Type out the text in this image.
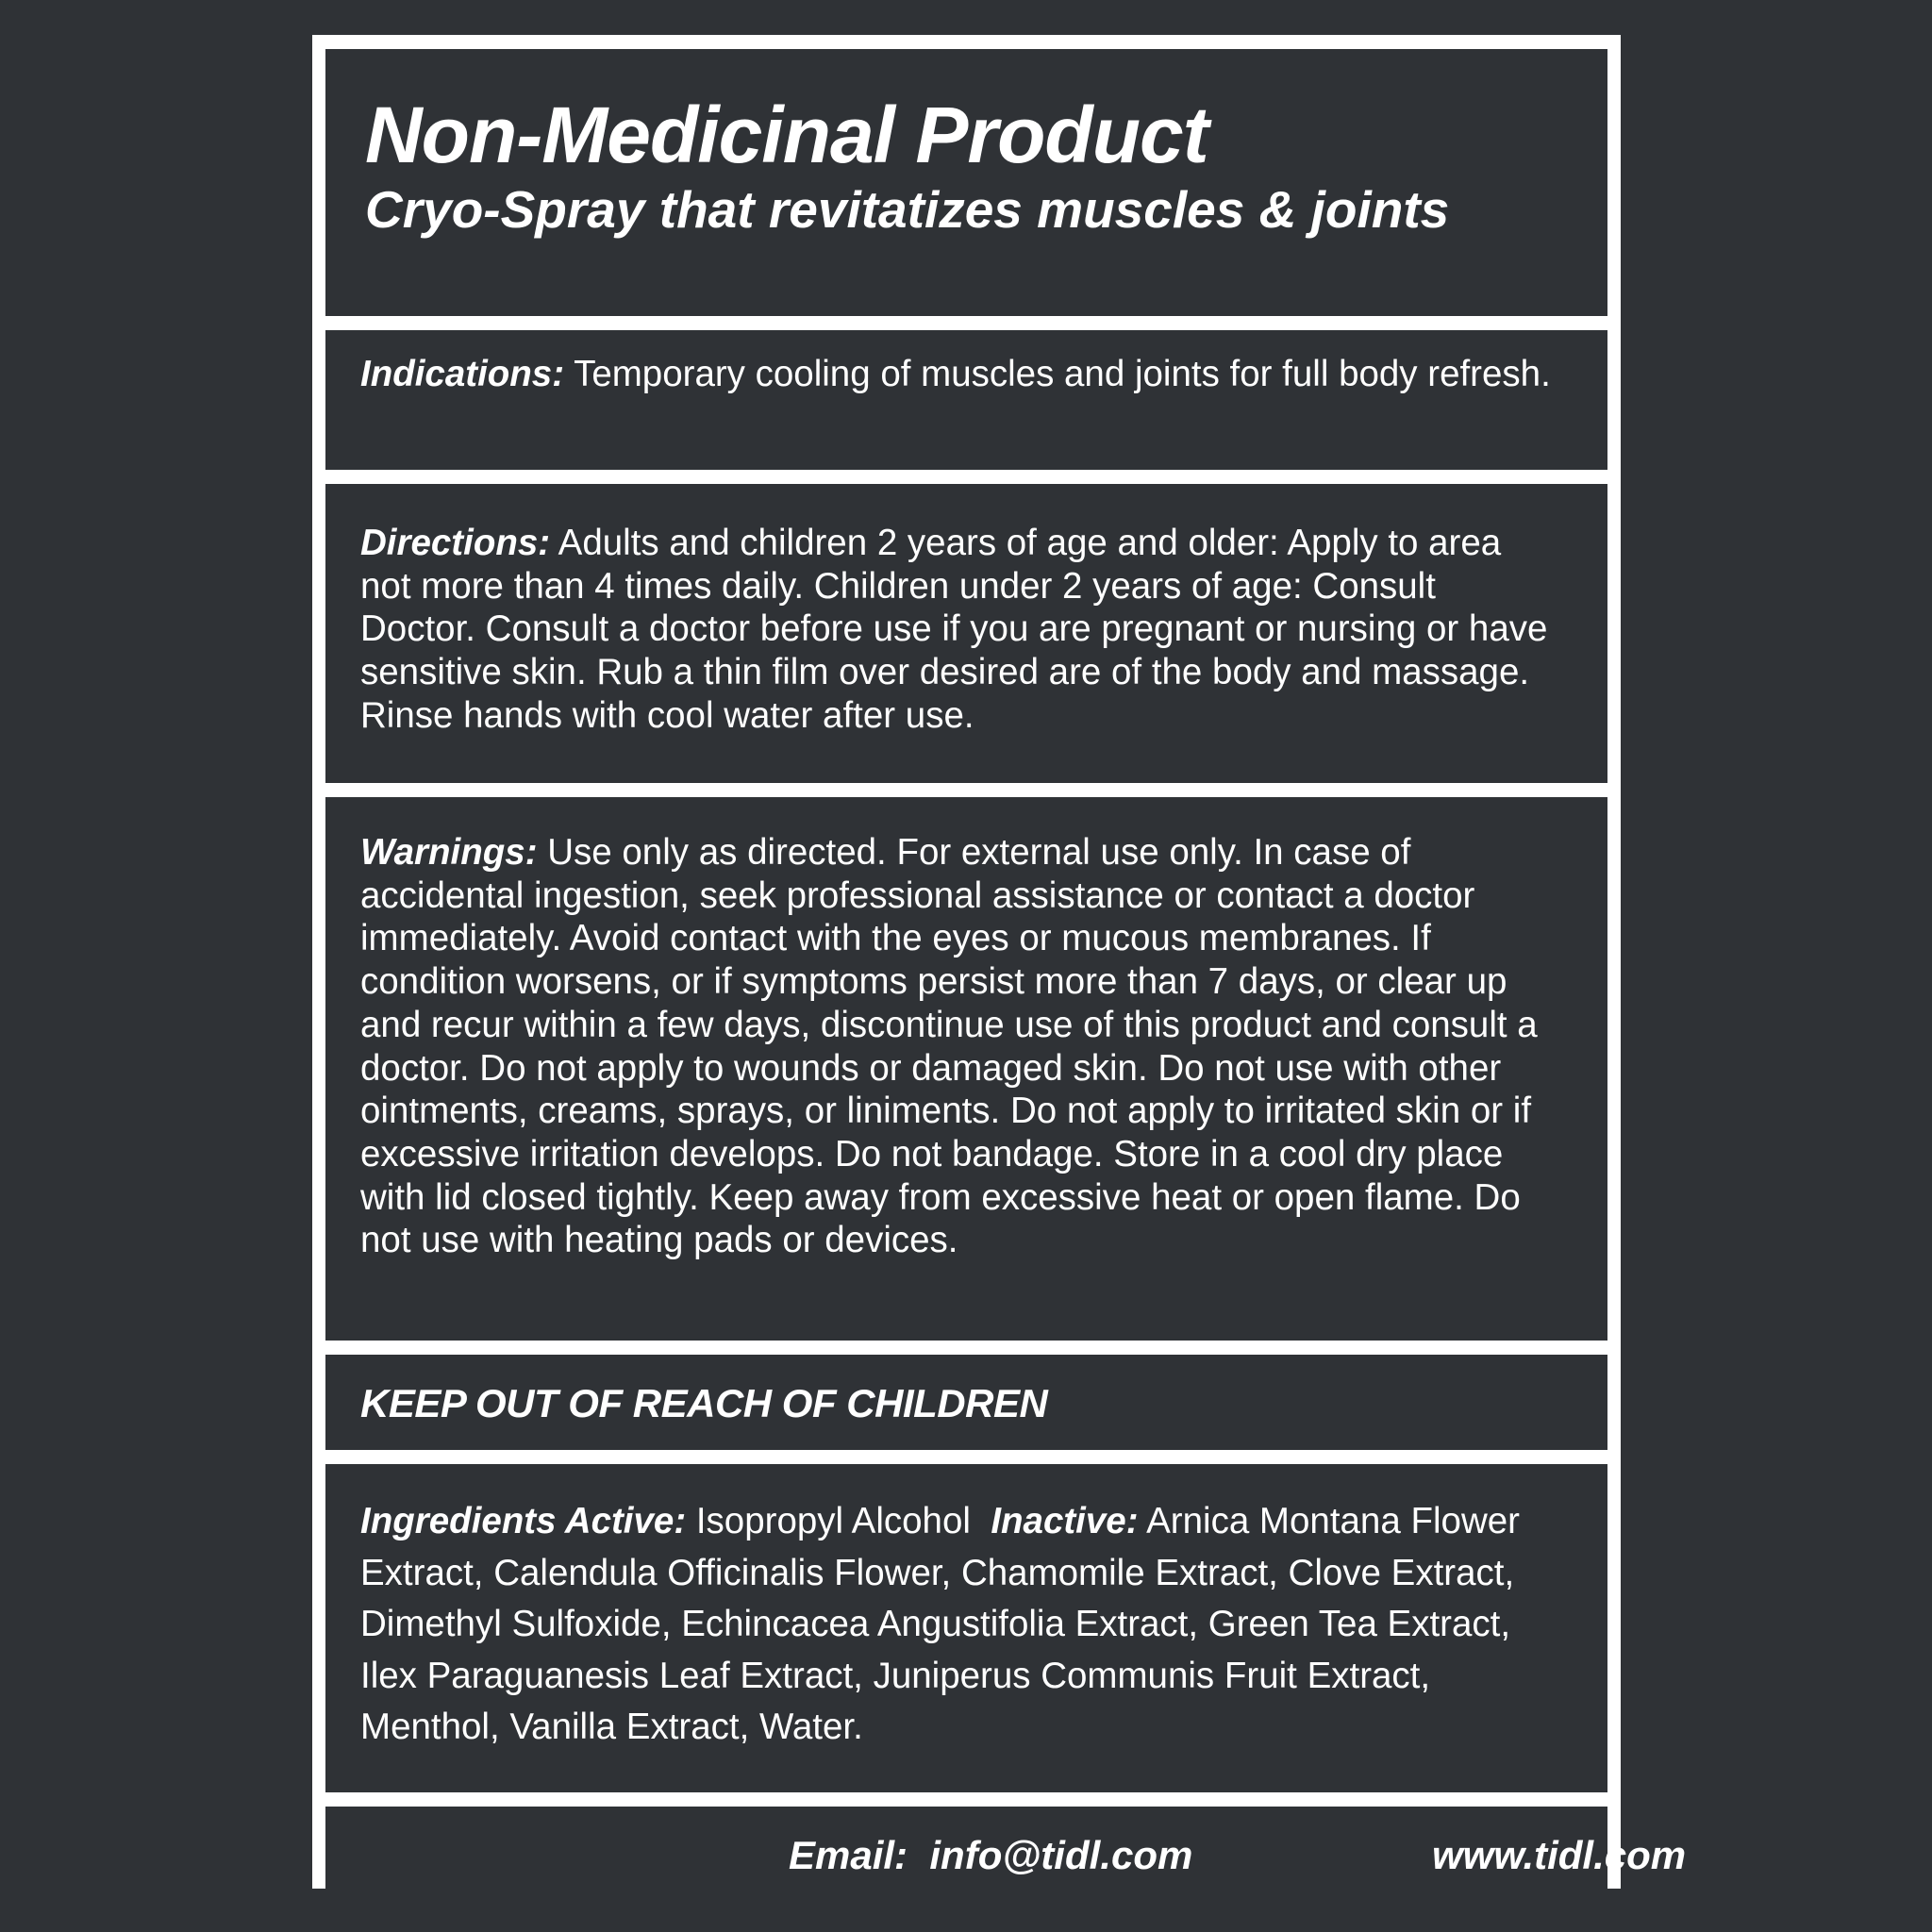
Non-Medicinal Product
Cryo-Spray that revitatizes muscles & joints

Indications: Temporary cooling of muscles and joints for full body refresh.

Directions: Adults and children 2 years of age and older: Apply to area not more than 4 times daily. Children under 2 years of age: Consult Doctor. Consult a doctor before use if you are pregnant or nursing or have sensitive skin. Rub a thin film over desired are of the body and massage. Rinse hands with cool water after use.

Warnings: Use only as directed. For external use only. In case of accidental ingestion, seek professional assistance or contact a doctor immediately. Avoid contact with the eyes or mucous membranes. If condition worsens, or if symptoms persist more than 7 days, or clear up and recur within a few days, discontinue use of this product and consult a doctor. Do not apply to wounds or damaged skin. Do not use with other ointments, creams, sprays, or liniments. Do not apply to irritated skin or if excessive irritation develops. Do not bandage. Store in a cool dry place with lid closed tightly. Keep away from excessive heat or open flame. Do not use with heating pads or devices.

KEEP OUT OF REACH OF CHILDREN

Ingredients Active: Isopropyl Alcohol Inactive: Arnica Montana Flower Extract, Calendula Officinalis Flower, Chamomile Extract, Clove Extract, Dimethyl Sulfoxide, Echincacea Angustifolia Extract, Green Tea Extract, Ilex Paraguanesis Leaf Extract, Juniperus Communis Fruit Extract, Menthol, Vanilla Extract, Water.

Email: info@tidl.com	www.tidl.com
